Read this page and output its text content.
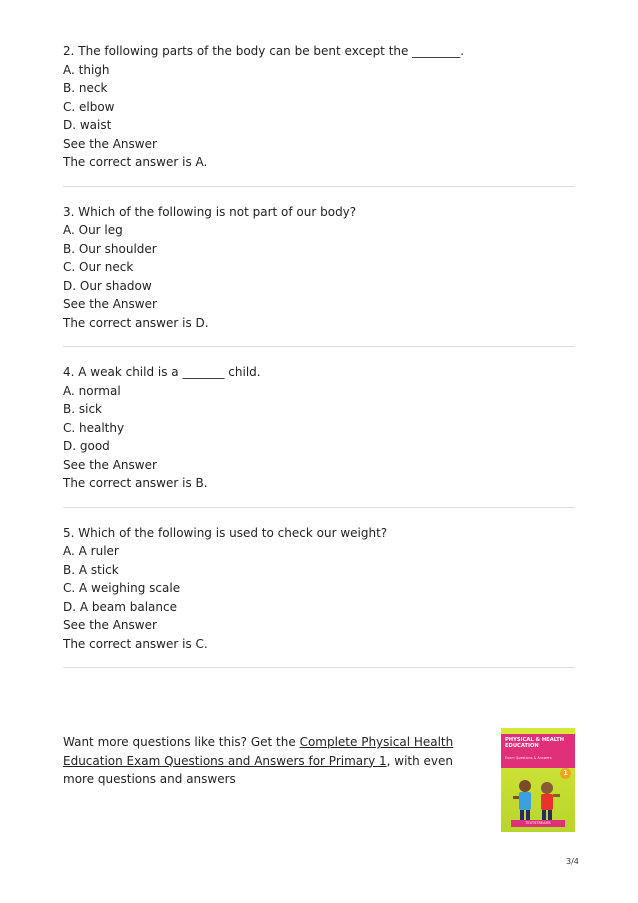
2. The following parts of the body can be bent except the ________.

A. thigh

B. neck

C. elbow

D. waist

See the Answer

The correct answer is A.

3. Which of the following is not part of our body?

A. Our leg

B. Our shoulder

C. Our neck

D. Our shadow

See the Answer

The correct answer is D.

4. A weak child is a _______ child.

A. normal

B. sick

C. healthy

D. good

See the Answer

The correct answer is B.

5. Which of the following is used to check our weight?

A. A ruler

B. A stick

C. A weighing scale

D. A beam balance

See the Answer

The correct answer is C.

Want more questions like this? Get the Complete Physical Health Education Exam Questions and Answers for Primary 1, with even more questions and answers
PHYSICAL & HEALTH EDUCATION
Exam Questions & Answers
1
TEXTSTREAMS
3/4
